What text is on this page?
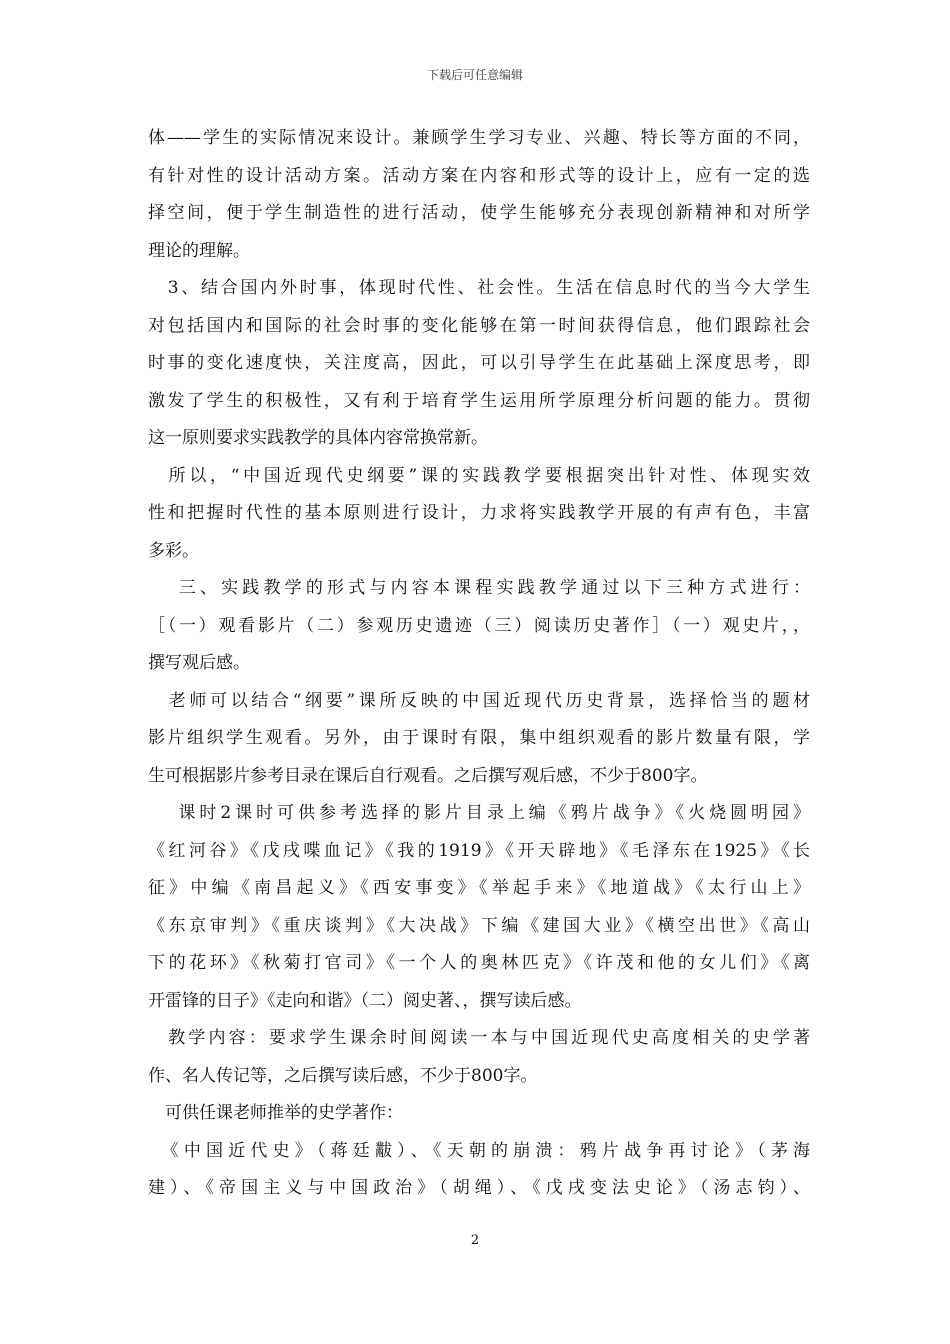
下载后可任意编辑
体——学生的实际情况来设计。兼顾学生学习专业、兴趣、特长等方面的不同，
有针对性的设计活动方案。活动方案在内容和形式等的设计上，应有一定的选
择空间，便于学生制造性的进行活动，使学生能够充分表现创新精神和对所学
理论的理解。
　3、结合国内外时事，体现时代性、社会性。生活在信息时代的当今大学生
对包括国内和国际的社会时事的变化能够在第一时间获得信息，他们跟踪社会
时事的变化速度快，关注度高，因此，可以引导学生在此基础上深度思考，即
激发了学生的积极性，又有利于培育学生运用所学原理分析问题的能力。贯彻
这一原则要求实践教学的具体内容常换常新。
　所以，“中国近现代史纲要”课的实践教学要根据突出针对性、体现实效
性和把握时代性的基本原则进行设计，力求将实践教学开展的有声有色，丰富
多彩。
　 三、实践教学的形式与内容本课程实践教学通过以下三种方式进行：
［（一）观看影片（二）参观历史遗迹（三）阅读历史著作］（一）观史片，，
撰写观后感。
　老师可以结合“纲要”课所反映的中国近现代历史背景，选择恰当的题材
影片组织学生观看。另外，由于课时有限，集中组织观看的影片数量有限，学
生可根据影片参考目录在课后自行观看。之后撰写观后感，不少于800字。
　 课时2课时可供参考选择的影片目录上编《鸦片战争》《火烧圆明园》
《红河谷》《戊戌喋血记》《我的1919》《开天辟地》《毛泽东在1925》《长
征》中编《南昌起义》《西安事变》《举起手来》《地道战》《太行山上》
《东京审判》《重庆谈判》《大决战》下编《建国大业》《横空出世》《高山
下的花环》《秋菊打官司》《一个人的奥林匹克》《许茂和他的女儿们》《离
开雷锋的日子》《走向和谐》（二）阅史著、，撰写读后感。
　教学内容：要求学生课余时间阅读一本与中国近现代史高度相关的史学著
作、名人传记等，之后撰写读后感，不少于800字。
　可供任课老师推举的史学著作：
　《中国近代史》（蒋廷黻）、《天朝的崩溃：鸦片战争再讨论》（茅海
建）、《帝国主义与中国政治》（胡绳）、《戊戌变法史论》（汤志钧）、
2
